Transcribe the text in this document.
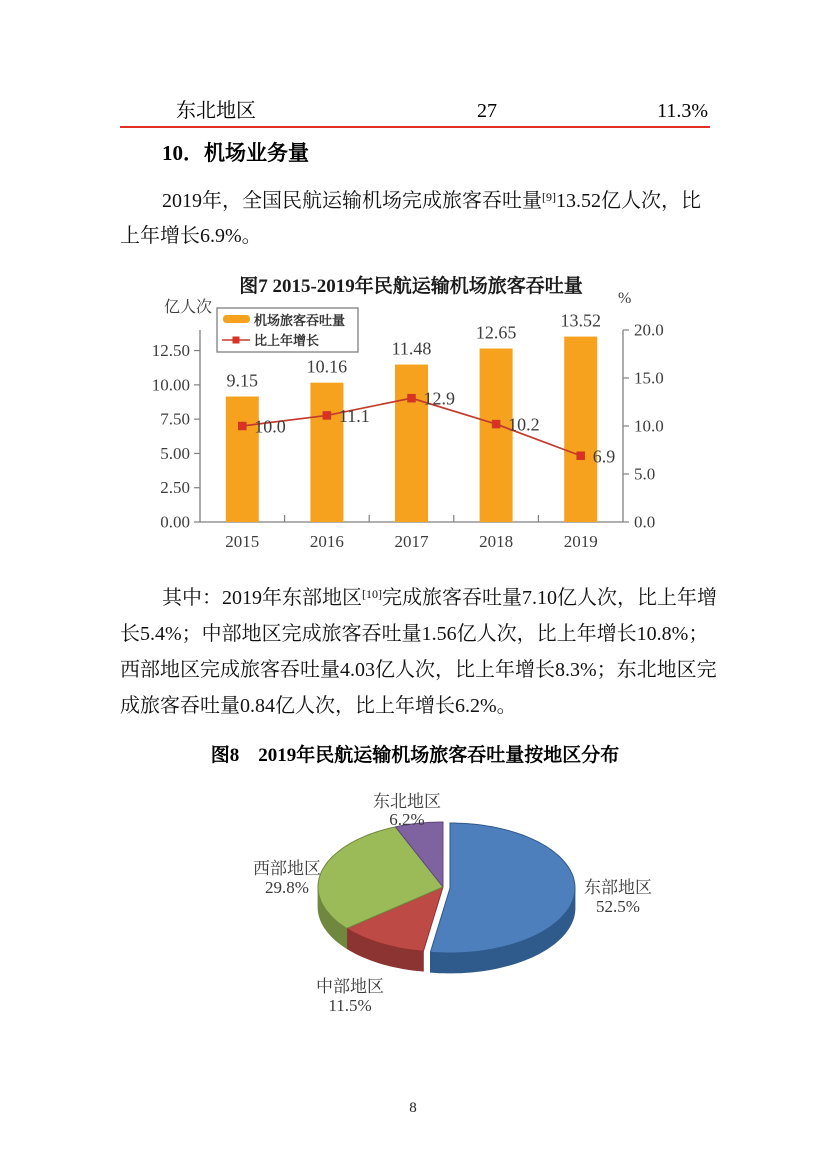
东北地区	27	11.3%
10．机场业务量
2019年，全国民航运输机场完成旅客吞吐量[9]13.52亿人次，比
上年增长6.9%。
图7 2015-2019年民航运输机场旅客吞吐量
亿人次
%
0.00
2.50
5.00
7.50
10.00
12.50
0.0
5.0
10.0
15.0
20.0
2015	2016	2017	2018	2019
9.15
10.16
11.48
12.65
13.52
10.0
11.1
12.9
10.2
6.9
机场旅客吞吐量
比上年增长
其中：2019年东部地区[10]完成旅客吞吐量7.10亿人次，比上年增
长5.4%；中部地区完成旅客吞吐量1.56亿人次，比上年增长10.8%；
西部地区完成旅客吞吐量4.03亿人次，比上年增长8.3%；东北地区完
成旅客吞吐量0.84亿人次，比上年增长6.2%。
图8　2019年民航运输机场旅客吞吐量按地区分布
东北地区
6.2%
西部地区
29.8%	东部地区
52.5%
中部地区
11.5%
8
